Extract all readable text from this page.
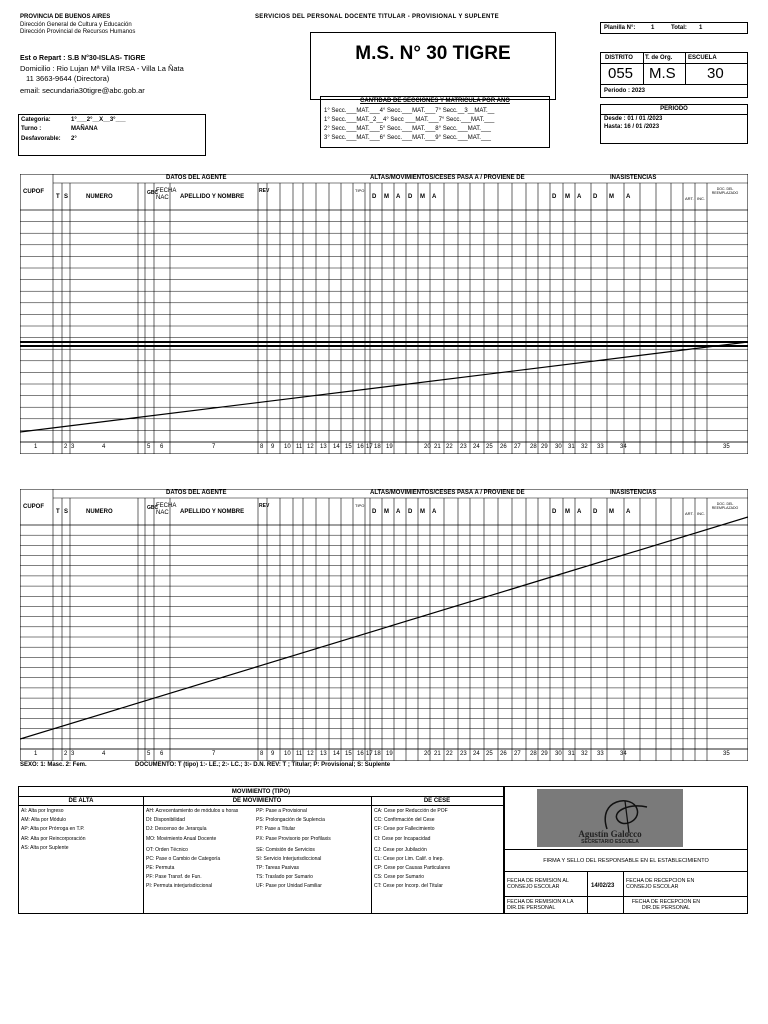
PROVINCIA DE BUENOS AIRES
Dirección General de Cultura y Educación
Dirección Provincial de Recursos Humanos
SERVICIOS DEL PERSONAL DOCENTE TITULAR - PROVISIONAL Y SUPLENTE
Planilla N°:	1	Total: 1
M.S. N° 30 TIGRE
Est o Repart : S.B N°30-ISLAS- TIGRE
Domicilio : Rio Lujan Mª Villa IRSA - Villa La Ñata
11 3663-9644 (Directora)
email: secundaria30tigre@abc.gob.ar
DISTRITO T. de Org.	ESCUELA
055 M.S 30
Periodo : 2023
PERIODO
Desde : 01 / 01 /2023
Hasta: 16 / 01 /2023
Categoria:	1°___2°__X__3°___
Turno :	MAÑANA
Desfavorable: 2°
CANTIDAD DE SECCIONES Y MATRICULA POR AÑO
1° Secc.___MAT.___4° Secc.___MAT.___7° Secc.__3__MAT.__
1° Secc.___MAT._2__4° Secc ___MAT.___7° Secc.___MAT.___
2° Secc.___MAT.___5° Secc.___MAT.___8° Secc.___MAT.___
3° Secc.___MAT.___6° Secc.___MAT.___9° Secc.___MAT.___
CUPOF
DATOS DEL AGENTE	ALTAS/MOVIMIENTOS/CESES PASA A / PROVIENE DE	INASISTENCIAS
DOC. DEL REEMPLAZADO
T S	NUMERO
GBC
FECHA NAC APELLIDO Y NOMBRE
REV	TIPO
D M A D M A	D M A D M A	ART. INC.
1	2 3	4	5 6	7	8 9 10 11 12 13 14 15 16 17 18 19	20 21 22 23 24 25 26 27 28 29 30 31 32 33	34	35
CUPOF
DATOS DEL AGENTE	ALTAS/MOVIMIENTOS/CESES PASA A / PROVIENE DE	INASISTENCIAS
DOC. DEL REEMPLAZADO
T S	NUMERO
GBC
FECHA NAC APELLIDO Y NOMBRE
REV	TIPO
D M A D M A	D M A D M A	ART. INC.
1	2 3	4	5 6	7	8 9 10 11 12 13 14 15 16 17 18 19	20 21 22 23 24 25 26 27 28 29 30 31 32 33	34	35
SEXO: 1: Masc. 2: Fem.	DOCUMENTO: T (tipo) 1:- LE.; 2:- LC.; 3:- D.N. REV: T ; Titular; P: Provisional; S: Suplente
MOVIMIENTO (TIPO)
DE ALTA	DE MOVIMIENTO	DE CESE
AI: Alta por Ingreso
AM: Alta por Módulo
AP: Alta por Prórroga en T.P.
AR: Alta por Reincorporación
AS: Alta por Suplente
AH: Acrecentamiento de módulos u horas
DI: Disponibilidad
DJ: Descenso de Jerarquía
MO: Movimiento Anual Docente
OT: Orden Técnico
PC: Pase o Cambio de Categoría
PE: Permuta
PF: Pase Transf. de Fun.
PI: Permuta interjurisdiccional
PP: Pase a Provisional
PS: Prolongación de Suplencia
PT: Pase a Titular
PX: Pase Provisorio por Profilaxis
SE: Comisión de Servicios
SI: Servicio Interjurisdiccional
TP: Tareas Pasivas
TS: Traslado por Sumario
UF: Pase por Unidad Familiar
CA: Cese por Reducción de POF
CC: Confirmación del Cese
CF: Cese por Fallecimiento
CI: Cese por Incapacidad
CJ: Cese por Jubilación
CL: Cese por Lim. Calif. o Inep.
CP: Cese por Causas Particulares
CS: Cese por Sumario
CT: Cese por Incorp. del Titular
Agustín Galocco
SECRETARIO ESCUELA
FIRMA Y SELLO DEL RESPONSABLE EN EL ESTABLECIMIENTO
FECHA DE REMISION AL CONSEJO ESCOLAR	14/02/23
FECHA DE RECEPCION EN CONSEJO ESCOLAR
FECHA DE REMISION A LA DIR.DE PERSONAL
FECHA DE RECEPCION EN DIR.DE PERSONAL
